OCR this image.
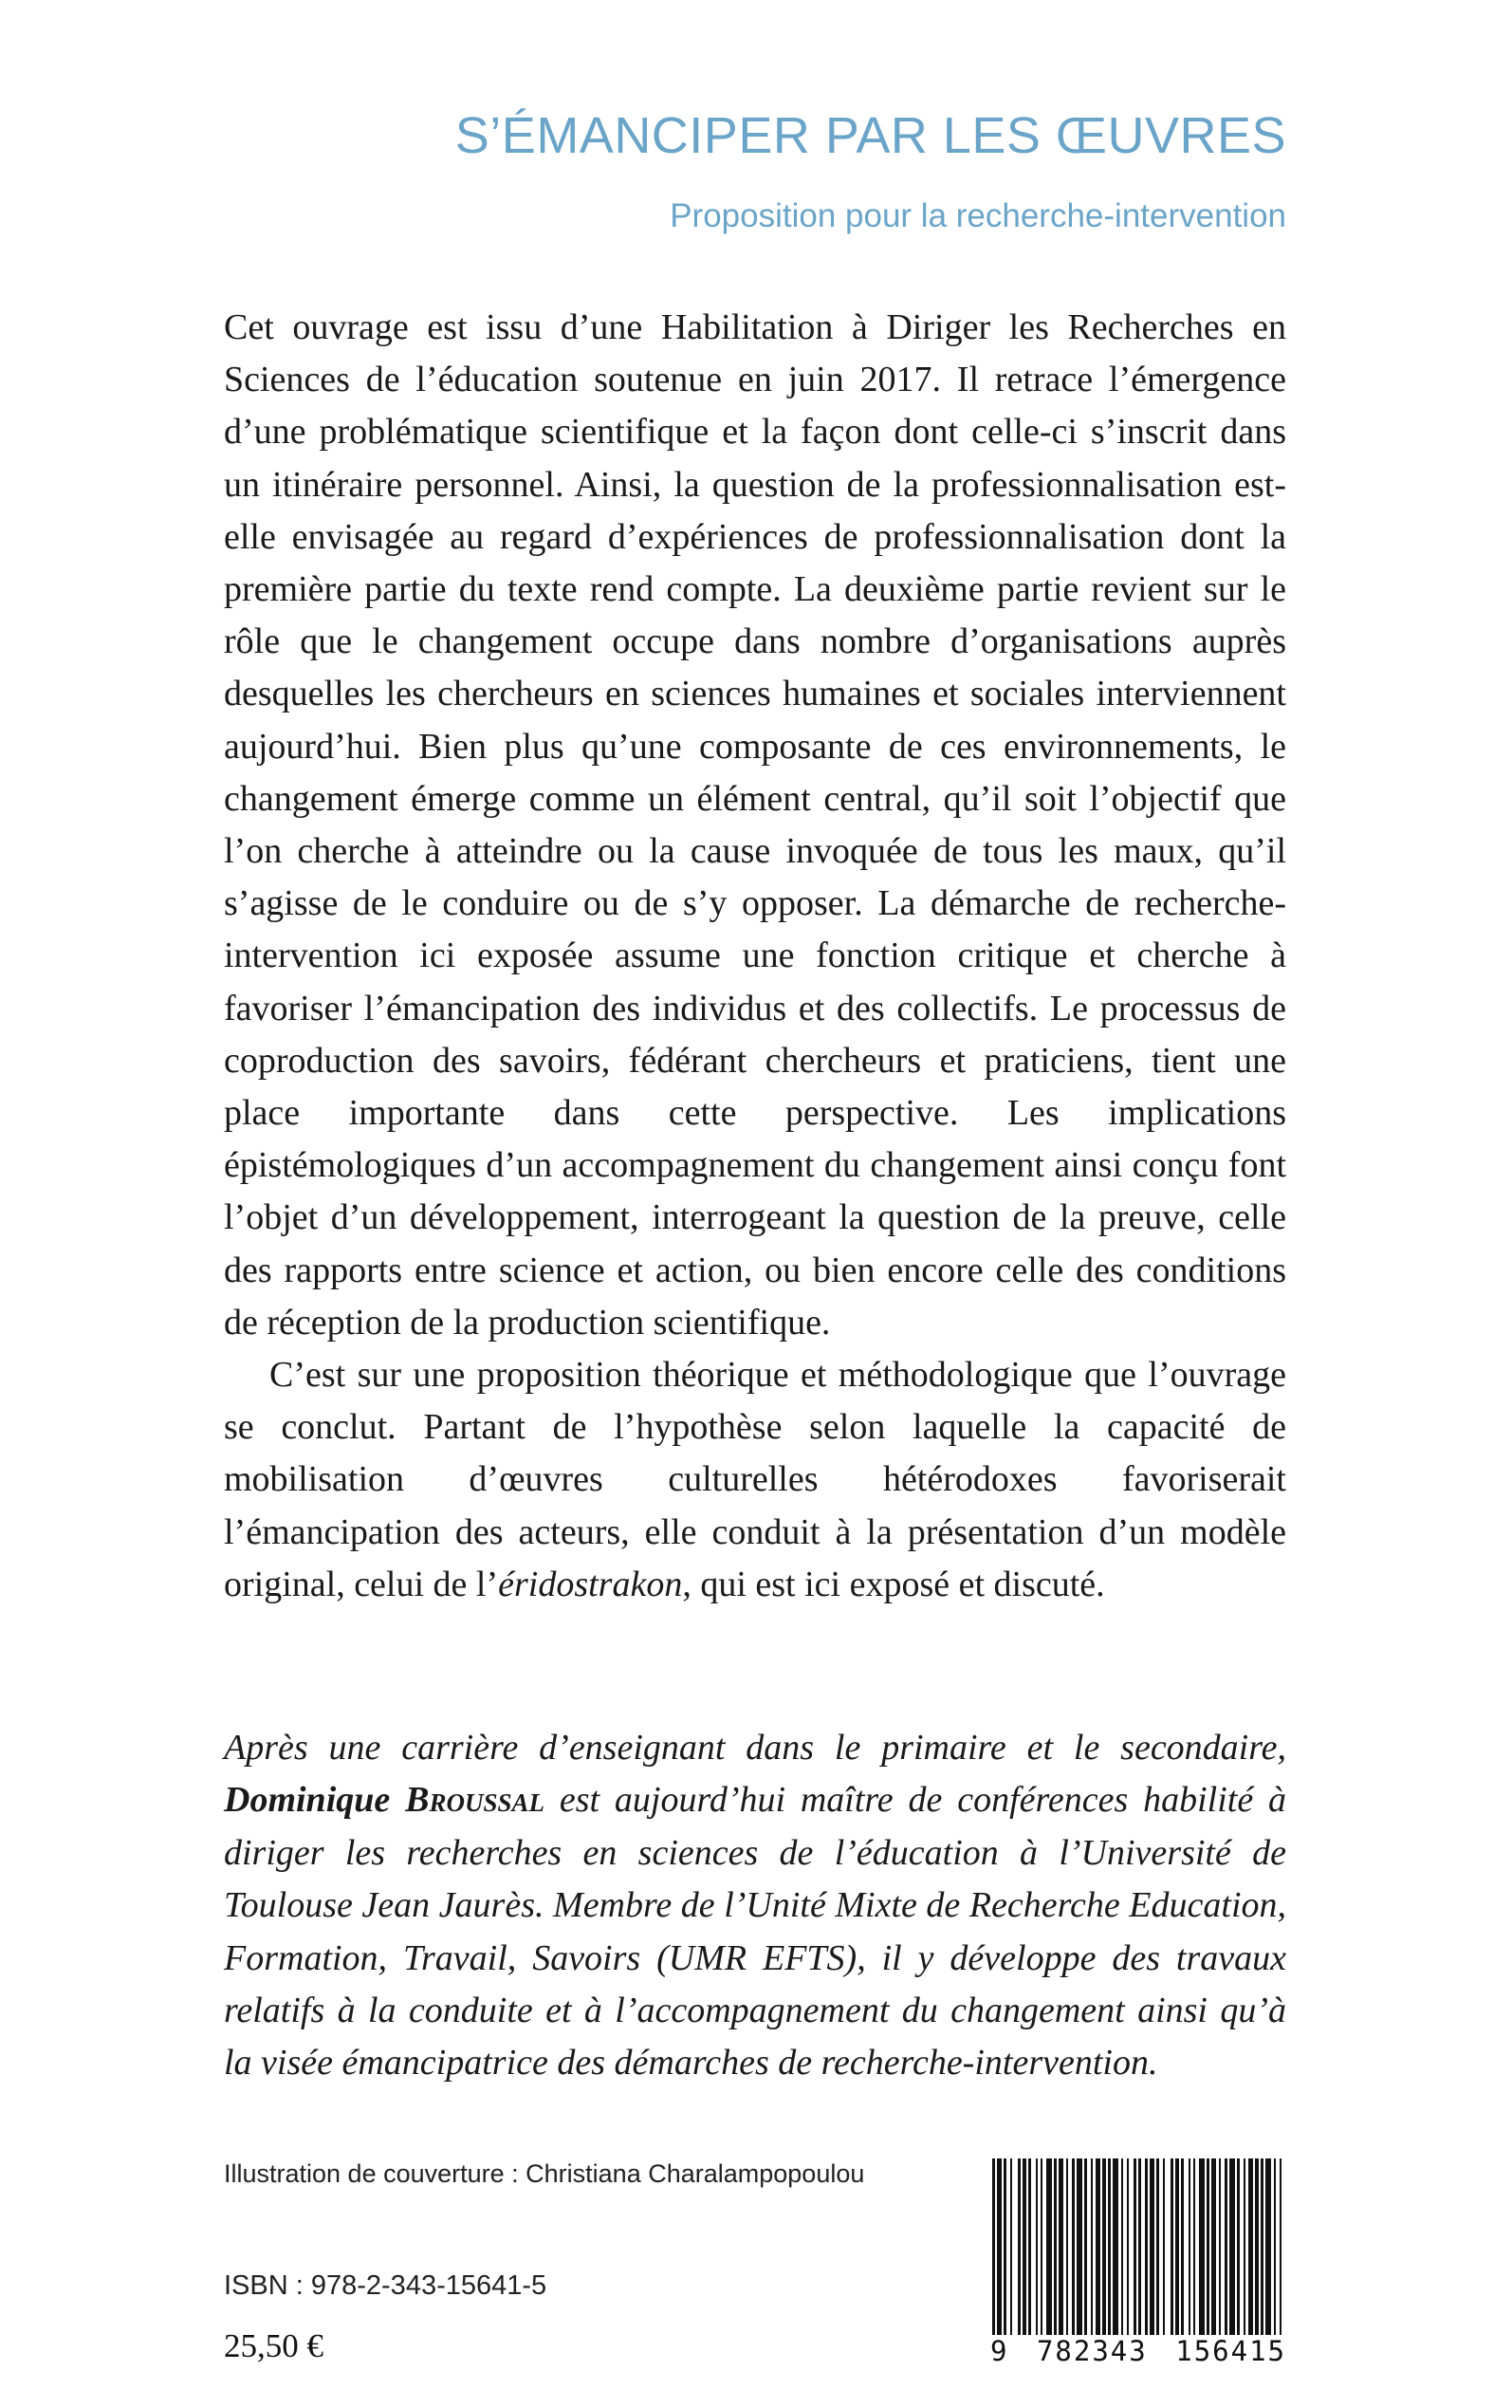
S’ÉMANCIPER PAR LES ŒUVRES
Proposition pour la recherche-intervention

Cet ouvrage est issu d’une Habilitation à Diriger les Recherches en Sciences de l’éducation soutenue en juin 2017. Il retrace l’émergence d’une problématique scientifique et la façon dont celle-ci s’inscrit dans un itinéraire personnel. Ainsi, la question de la professionnalisation est-elle envisagée au regard d’expériences de professionnalisation dont la première partie du texte rend compte. La deuxième partie revient sur le rôle que le changement occupe dans nombre d’organisations auprès desquelles les chercheurs en sciences humaines et sociales interviennent aujourd’hui. Bien plus qu’une composante de ces environnements, le changement émerge comme un élément central, qu’il soit l’objectif que l’on cherche à atteindre ou la cause invoquée de tous les maux, qu’il s’agisse de le conduire ou de s’y opposer. La démarche de recherche-intervention ici exposée assume une fonction critique et cherche à favoriser l’émancipation des individus et des collectifs. Le processus de coproduction des savoirs, fédérant chercheurs et praticiens, tient une place importante dans cette perspective. Les implications épistémologiques d’un accompagnement du changement ainsi conçu font l’objet d’un développement, interrogeant la question de la preuve, celle des rapports entre science et action, ou bien encore celle des conditions de réception de la production scientifique.

C’est sur une proposition théorique et méthodologique que l’ouvrage se conclut. Partant de l’hypothèse selon laquelle la capacité de mobilisation d’œuvres culturelles hétérodoxes favoriserait l’émancipation des acteurs, elle conduit à la présentation d’un modèle original, celui de l’éridostrakon, qui est ici exposé et discuté.

Après une carrière d’enseignant dans le primaire et le secondaire, Dominique Broussal est aujourd’hui maître de conférences habilité à diriger les recherches en sciences de l’éducation à l’Université de Toulouse Jean Jaurès. Membre de l’Unité Mixte de Recherche Education, Formation, Travail, Savoirs (UMR EFTS), il y développe des travaux relatifs à la conduite et à l’accompagnement du changement ainsi qu’à la visée émancipatrice des démarches de recherche-intervention.

Illustration de couverture : Christiana Charalampopoulou

ISBN : 978-2-343-15641-5

25,50 €	9 782343 156415
